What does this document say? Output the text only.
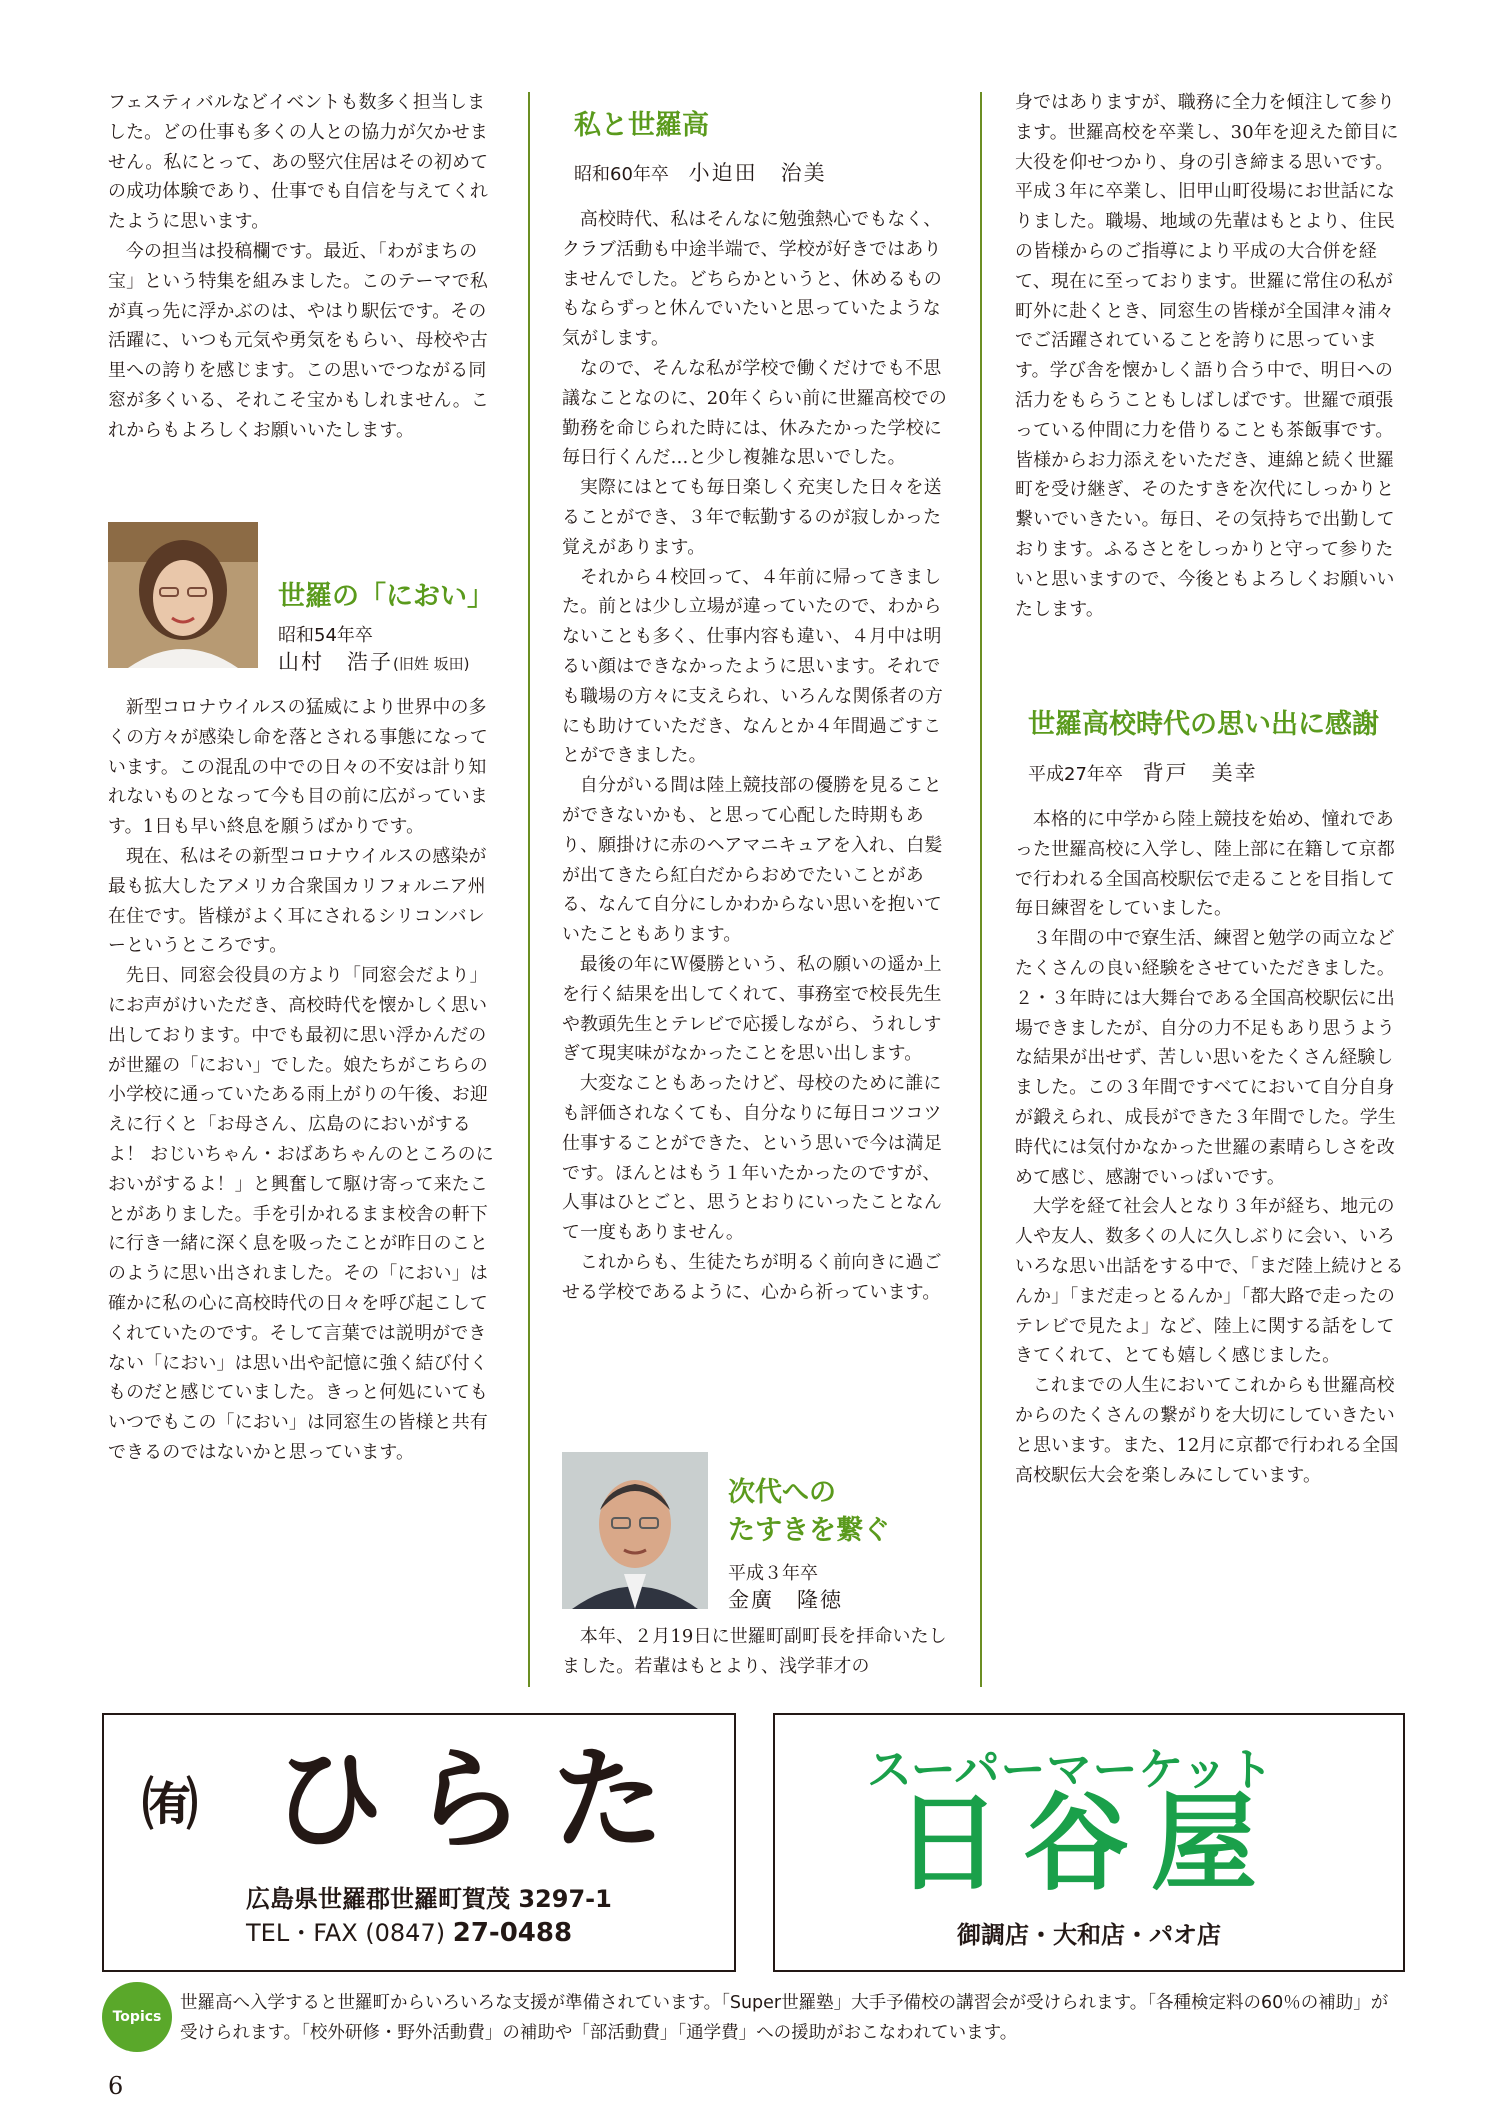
フェスティバルなどイベントも数多く担当しました。どの仕事も多くの人との協力が欠かせません。私にとって、あの竪穴住居はその初めての成功体験であり、仕事でも自信を与えてくれたように思います。

今の担当は投稿欄です。最近、「わがまちの宝」という特集を組みました。このテーマで私が真っ先に浮かぶのは、やはり駅伝です。その活躍に、いつも元気や勇気をもらい、母校や古里への誇りを感じます。この思いでつながる同窓が多くいる、それこそ宝かもしれません。これからもよろしくお願いいたします。

世羅の「におい」
昭和54年卒
山村　浩子(旧姓 坂田)

新型コロナウイルスの猛威により世界中の多くの方々が感染し命を落とされる事態になっています。この混乱の中での日々の不安は計り知れないものとなって今も目の前に広がっています。1日も早い終息を願うばかりです。

現在、私はその新型コロナウイルスの感染が最も拡大したアメリカ合衆国カリフォルニア州在住です。皆様がよく耳にされるシリコンバレーというところです。

先日、同窓会役員の方より「同窓会だより」にお声がけいただき、高校時代を懐かしく思い出しております。中でも最初に思い浮かんだのが世羅の「におい」でした。娘たちがこちらの小学校に通っていたある雨上がりの午後、お迎えに行くと「お母さん、広島のにおいがするよ！ おじいちゃん・おばあちゃんのところのにおいがするよ！」と興奮して駆け寄って来たことがありました。手を引かれるまま校舎の軒下に行き一緒に深く息を吸ったことが昨日のことのように思い出されました。その「におい」は確かに私の心に高校時代の日々を呼び起こしてくれていたのです。そして言葉では説明ができない「におい」は思い出や記憶に強く結び付くものだと感じていました。きっと何処にいてもいつでもこの「におい」は同窓生の皆様と共有できるのではないかと思っています。

私と世羅高
昭和60年卒 小迫田　治美

高校時代、私はそんなに勉強熱心でもなく、クラブ活動も中途半端で、学校が好きではありませんでした。どちらかというと、休めるものもならずっと休んでいたいと思っていたような気がします。

なので、そんな私が学校で働くだけでも不思議なことなのに、20年くらい前に世羅高校での勤務を命じられた時には、休みたかった学校に毎日行くんだ…と少し複雑な思いでした。

実際にはとても毎日楽しく充実した日々を送ることができ、３年で転勤するのが寂しかった覚えがあります。

それから４校回って、４年前に帰ってきました。前とは少し立場が違っていたので、わからないことも多く、仕事内容も違い、４月中は明るい顔はできなかったように思います。それでも職場の方々に支えられ、いろんな関係者の方にも助けていただき、なんとか４年間過ごすことができました。

自分がいる間は陸上競技部の優勝を見ることができないかも、と思って心配した時期もあり、願掛けに赤のヘアマニキュアを入れ、白髪が出てきたら紅白だからおめでたいことがある、なんて自分にしかわからない思いを抱いていたこともあります。

最後の年にＷ優勝という、私の願いの遥か上を行く結果を出してくれて、事務室で校長先生や教頭先生とテレビで応援しながら、うれしすぎて現実味がなかったことを思い出します。

大変なこともあったけど、母校のために誰にも評価されなくても、自分なりに毎日コツコツ仕事することができた、という思いで今は満足です。ほんとはもう１年いたかったのですが、人事はひとごと、思うとおりにいったことなんて一度もありません。

これからも、生徒たちが明るく前向きに過ごせる学校であるように、心から祈っています。

次代への
たすきを繋ぐ
平成３年卒
金廣　隆徳

本年、２月19日に世羅町副町長を拝命いたしました。若輩はもとより、浅学菲才の

身ではありますが、職務に全力を傾注して参ります。世羅高校を卒業し、30年を迎えた節目に大役を仰せつかり、身の引き締まる思いです。平成３年に卒業し、旧甲山町役場にお世話になりました。職場、地域の先輩はもとより、住民の皆様からのご指導により平成の大合併を経て、現在に至っております。世羅に常住の私が町外に赴くとき、同窓生の皆様が全国津々浦々でご活躍されていることを誇りに思っています。学び舎を懐かしく語り合う中で、明日への活力をもらうこともしばしばです。世羅で頑張っている仲間に力を借りることも茶飯事です。皆様からお力添えをいただき、連綿と続く世羅町を受け継ぎ、そのたすきを次代にしっかりと繋いでいきたい。毎日、その気持ちで出勤しております。ふるさとをしっかりと守って参りたいと思いますので、今後ともよろしくお願いいたします。

世羅高校時代の思い出に感謝
平成27年卒 背戸　美幸

本格的に中学から陸上競技を始め、憧れであった世羅高校に入学し、陸上部に在籍して京都で行われる全国高校駅伝で走ることを目指して毎日練習をしていました。

３年間の中で寮生活、練習と勉学の両立などたくさんの良い経験をさせていただきました。２・３年時には大舞台である全国高校駅伝に出場できましたが、自分の力不足もあり思うような結果が出せず、苦しい思いをたくさん経験しました。この３年間ですべてにおいて自分自身が鍛えられ、成長ができた３年間でした。学生時代には気付かなかった世羅の素晴らしさを改めて感じ、感謝でいっぱいです。

大学を経て社会人となり３年が経ち、地元の人や友人、数多くの人に久しぶりに会い、いろいろな思い出話をする中で、「まだ陸上続けとるんか」「まだ走っとるんか」「都大路で走ったのテレビで見たよ」など、陸上に関する話をしてきてくれて、とても嬉しく感じました。

これまでの人生においてこれからも世羅高校からのたくさんの繋がりを大切にしていきたいと思います。また、12月に京都で行われる全国高校駅伝大会を楽しみにしています。

㈲ ひらた
広島県世羅郡世羅町賀茂 3297-1
TEL・FAX (0847) 27-0488
スーパーマーケット
日谷屋
御調店・大和店・パオ店
Topics
世羅高へ入学すると世羅町からいろいろな支援が準備されています。「Super世羅塾」大手予備校の講習会が受けられます。「各種検定料の60％の補助」が受けられます。「校外研修・野外活動費」の補助や「部活動費」「通学費」への援助がおこなわれています。
6
